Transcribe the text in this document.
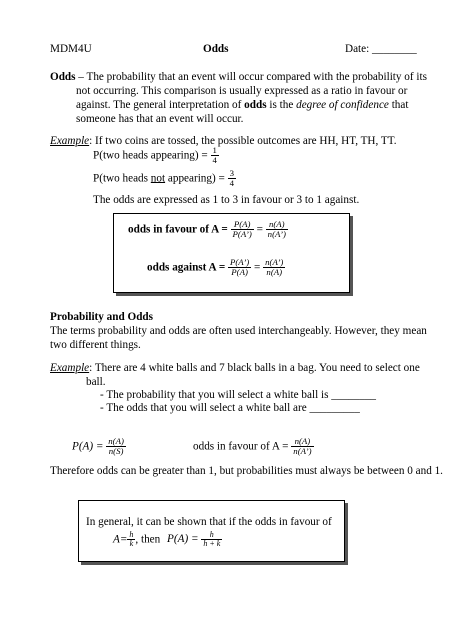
MDM4U	Odds	Date: ________
Odds – The probability that an event will occur compared with the probability of its
not occurring. This comparison is usually expressed as a ratio in favour or
against. The general interpretation of odds is the degree of confidence that
someone has that an event will occur.
Example: If two coins are tossed, the possible outcomes are HH, HT, TH, TT.
P(two heads appearing) = $\frac{1}{4}$
P(two heads not appearing) = $\frac{3}{4}$
The odds are expressed as 1 to 3 in favour or 3 to 1 against.
odds in favour of $A = \frac{P(A)}{P(A’)} = \frac{n(A)}{n(A’)}$
odds against $A = \frac{P(A’)}{P(A)} = \frac{n(A’)}{n(A)}$
Probability and Odds
The terms probability and odds are often used interchangeably. However, they mean
two different things.
Example: There are 4 white balls and 7 black balls in a bag. You need to select one
ball.
- The probability that you will select a white ball is ________
- The odds that you will select a white ball are _________
$P(A) = \frac{n(A)}{n(S)}$	odds in favour of $A = \frac{n(A)}{n(A’)}$
Therefore odds can be greater than 1, but probabilities must always be between 0 and 1.
In general, it can be shown that if the odds in favour of
$A= \frac{h}{k}$ , then $P(A) = \frac{h}{h + k}$
